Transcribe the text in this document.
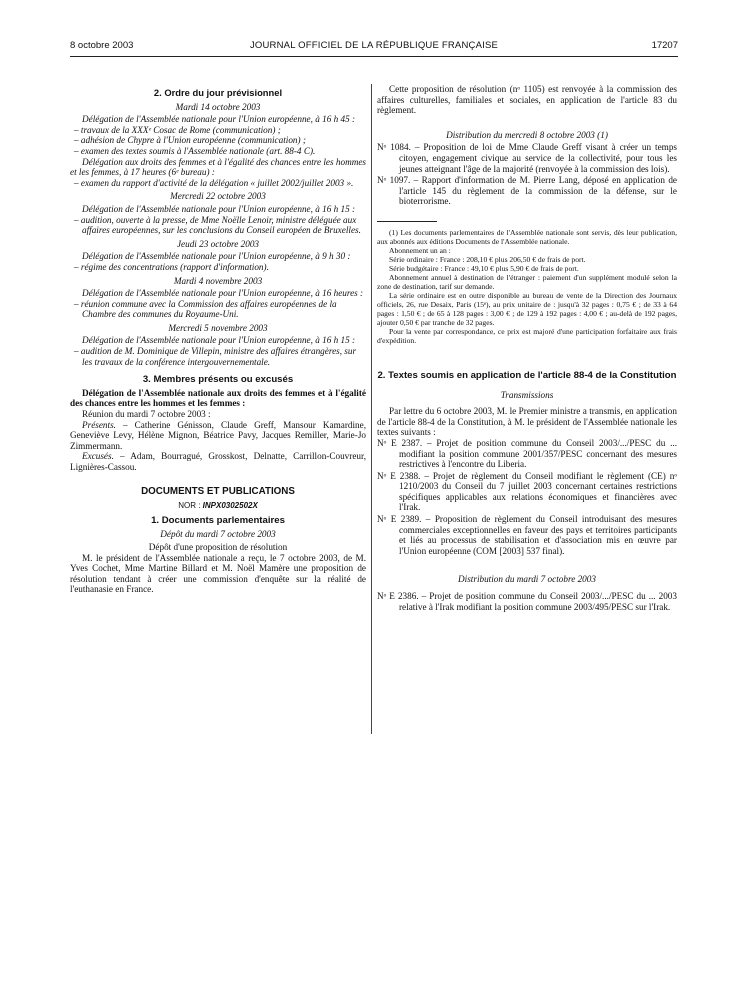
8 octobre 2003	JOURNAL OFFICIEL DE LA RÉPUBLIQUE FRANÇAISE	17207
2. Ordre du jour prévisionnel
Mardi 14 octobre 2003

Délégation de l'Assemblée nationale pour l'Union européenne, à 16 h 45 :

– travaux de la XXXᵉ Cosac de Rome (communication) ;
– adhésion de Chypre à l'Union européenne (communication) ;
– examen des textes soumis à l'Assemblée nationale (art. 88-4 C).

Délégation aux droits des femmes et à l'égalité des chances entre les hommes et les femmes, à 17 heures (6ᵉ bureau) :

– examen du rapport d'activité de la délégation « juillet 2002/juillet 2003 ».
Mercredi 22 octobre 2003

Délégation de l'Assemblée nationale pour l'Union européenne, à 16 h 15 :

– audition, ouverte à la presse, de Mme Noëlle Lenoir, ministre déléguée aux affaires européennes, sur les conclusions du Conseil européen de Bruxelles.
Jeudi 23 octobre 2003

Délégation de l'Assemblée nationale pour l'Union européenne, à 9 h 30 :

– régime des concentrations (rapport d'information).
Mardi 4 novembre 2003

Délégation de l'Assemblée nationale pour l'Union européenne, à 16 heures :

– réunion commune avec la Commission des affaires européennes de la Chambre des communes du Royaume-Uni.
Mercredi 5 novembre 2003

Délégation de l'Assemblée nationale pour l'Union européenne, à 16 h 15 :

– audition de M. Dominique de Villepin, ministre des affaires étrangères, sur les travaux de la conférence intergouvernementale.
3. Membres présents ou excusés

Délégation de l'Assemblée nationale aux droits des femmes et à l'égalité des chances entre les hommes et les femmes :

Réunion du mardi 7 octobre 2003 :

Présents. – Catherine Génisson, Claude Greff, Mansour Kamardine, Geneviève Levy, Hélène Mignon, Béatrice Pavy, Jacques Remiller, Marie-Jo Zimmermann.

Excusés. – Adam, Bourragué, Grosskost, Delnatte, Carrillon-Couvreur, Lignières-Cassou.

DOCUMENTS ET PUBLICATIONS
NOR : INPX0302502X
1. Documents parlementaires
Dépôt du mardi 7 octobre 2003
Dépôt d'une proposition de résolution

M. le président de l'Assemblée nationale a reçu, le 7 octobre 2003, de M. Yves Cochet, Mme Martine Billard et M. Noël Mamère une proposition de résolution tendant à créer une commission d'enquête sur la réalité de l'euthanasie en France.

Cette proposition de résolution (nᵒ 1105) est renvoyée à la commission des affaires culturelles, familiales et sociales, en application de l'article 83 du règlement.

Distribution du mercredi 8 octobre 2003 (1)
Nᵒ 1084. – Proposition de loi de Mme Claude Greff visant à créer un temps citoyen, engagement civique au service de la collectivité, pour tous les jeunes atteignant l'âge de la majorité (renvoyée à la commission des lois).
Nᵒ 1097. – Rapport d'information de M. Pierre Lang, déposé en application de l'article 145 du règlement de la commission de la défense, sur le bioterrorisme.

(1) Les documents parlementaires de l'Assemblée nationale sont servis, dès leur publication, aux abonnés aux éditions Documents de l'Assemblée nationale.

Abonnement un an :

Série ordinaire : France : 208,10 € plus 206,50 € de frais de port.

Série budgétaire : France : 49,10 € plus 5,90 € de frais de port.

Abonnement annuel à destination de l'étranger : paiement d'un supplément modulé selon la zone de destination, tarif sur demande.

La série ordinaire est en outre disponible au bureau de vente de la Direction des Journaux officiels, 26, rue Desaix, Paris (15ᵉ), au prix unitaire de : jusqu'à 32 pages : 0,75 € ; de 33 à 64 pages : 1,50 € ; de 65 à 128 pages : 3,00 € ; de 129 à 192 pages : 4,00 € ; au-delà de 192 pages, ajouter 0,50 € par tranche de 32 pages.

Pour la vente par correspondance, ce prix est majoré d'une participation forfaitaire aux frais d'expédition.

2. Textes soumis en application de l'article 88-4 de la Constitution
Transmissions

Par lettre du 6 octobre 2003, M. le Premier ministre a transmis, en application de l'article 88-4 de la Constitution, à M. le président de l'Assemblée nationale les textes suivants :

Nᵒ E 2387. – Projet de position commune du Conseil 2003/.../PESC du ... modifiant la position commune 2001/357/PESC concernant des mesures restrictives à l'encontre du Liberia.
Nᵒ E 2388. – Projet de règlement du Conseil modifiant le règlement (CE) nᵒ 1210/2003 du Conseil du 7 juillet 2003 concernant certaines restrictions spécifiques applicables aux relations économiques et financières avec l'Irak.
Nᵒ E 2389. – Proposition de règlement du Conseil introduisant des mesures commerciales exceptionnelles en faveur des pays et territoires participants et liés au processus de stabilisation et d'association mis en œuvre par l'Union européenne (COM [2003] 537 final).
Distribution du mardi 7 octobre 2003
Nᵒ E 2386. – Projet de position commune du Conseil 2003/.../PESC du ... 2003 relative à l'Irak modifiant la position commune 2003/495/PESC sur l'Irak.
